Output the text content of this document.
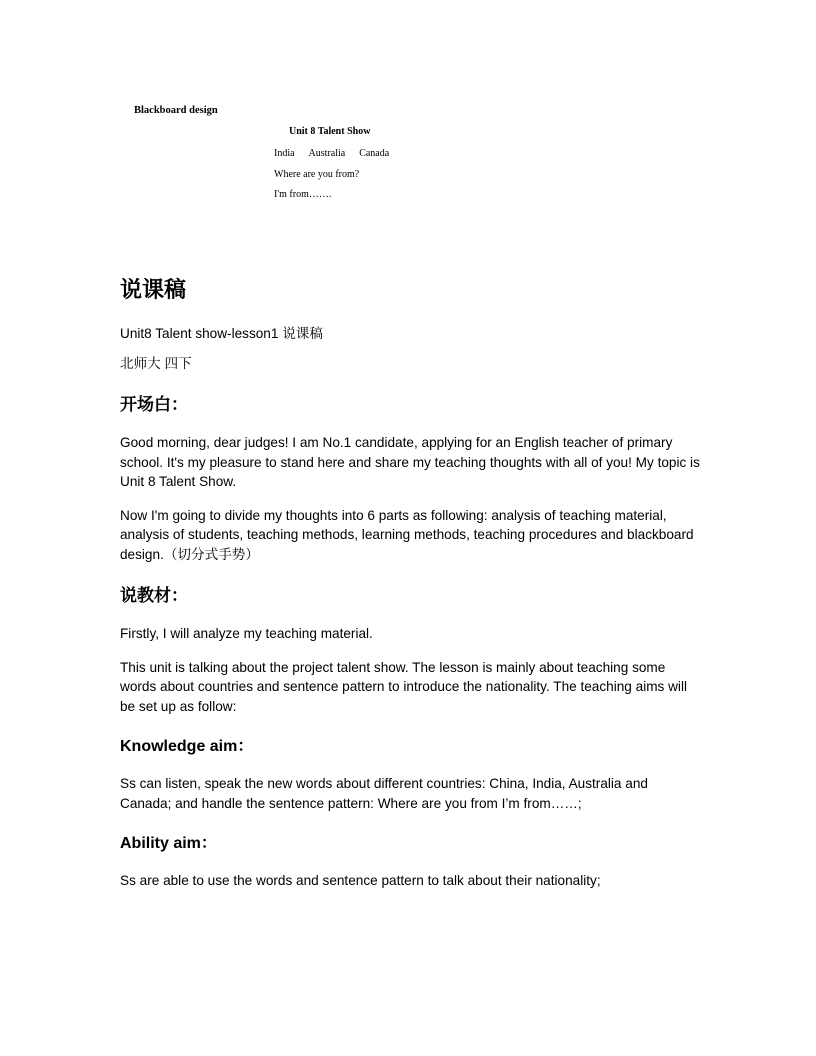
Blackboard design
Unit 8 Talent Show
India Australia Canada
Where are you from?
I'm from…….
说课稿
Unit8 Talent show-lesson1 说课稿
北师大 四下
开场白：
Good morning, dear judges! I am No.1 candidate, applying for an English teacher of primary school. It's my pleasure to stand here and share my teaching thoughts with all of you! My topic is Unit 8 Talent Show.
Now I'm going to divide my thoughts into 6 parts as following: analysis of teaching material, analysis of students, teaching methods, learning methods, teaching procedures and blackboard design.（切分式手势）
说教材：
Firstly, I will analyze my teaching material.
This unit is talking about the project talent show. The lesson is mainly about teaching some words about countries and sentence pattern to introduce the nationality. The teaching aims will be set up as follow:
Knowledge aim：
Ss can listen, speak the new words about different countries: China, India, Australia and Canada; and handle the sentence pattern: Where are you from I’m from……;
Ability aim：
Ss are able to use the words and sentence pattern to talk about their nationality;
